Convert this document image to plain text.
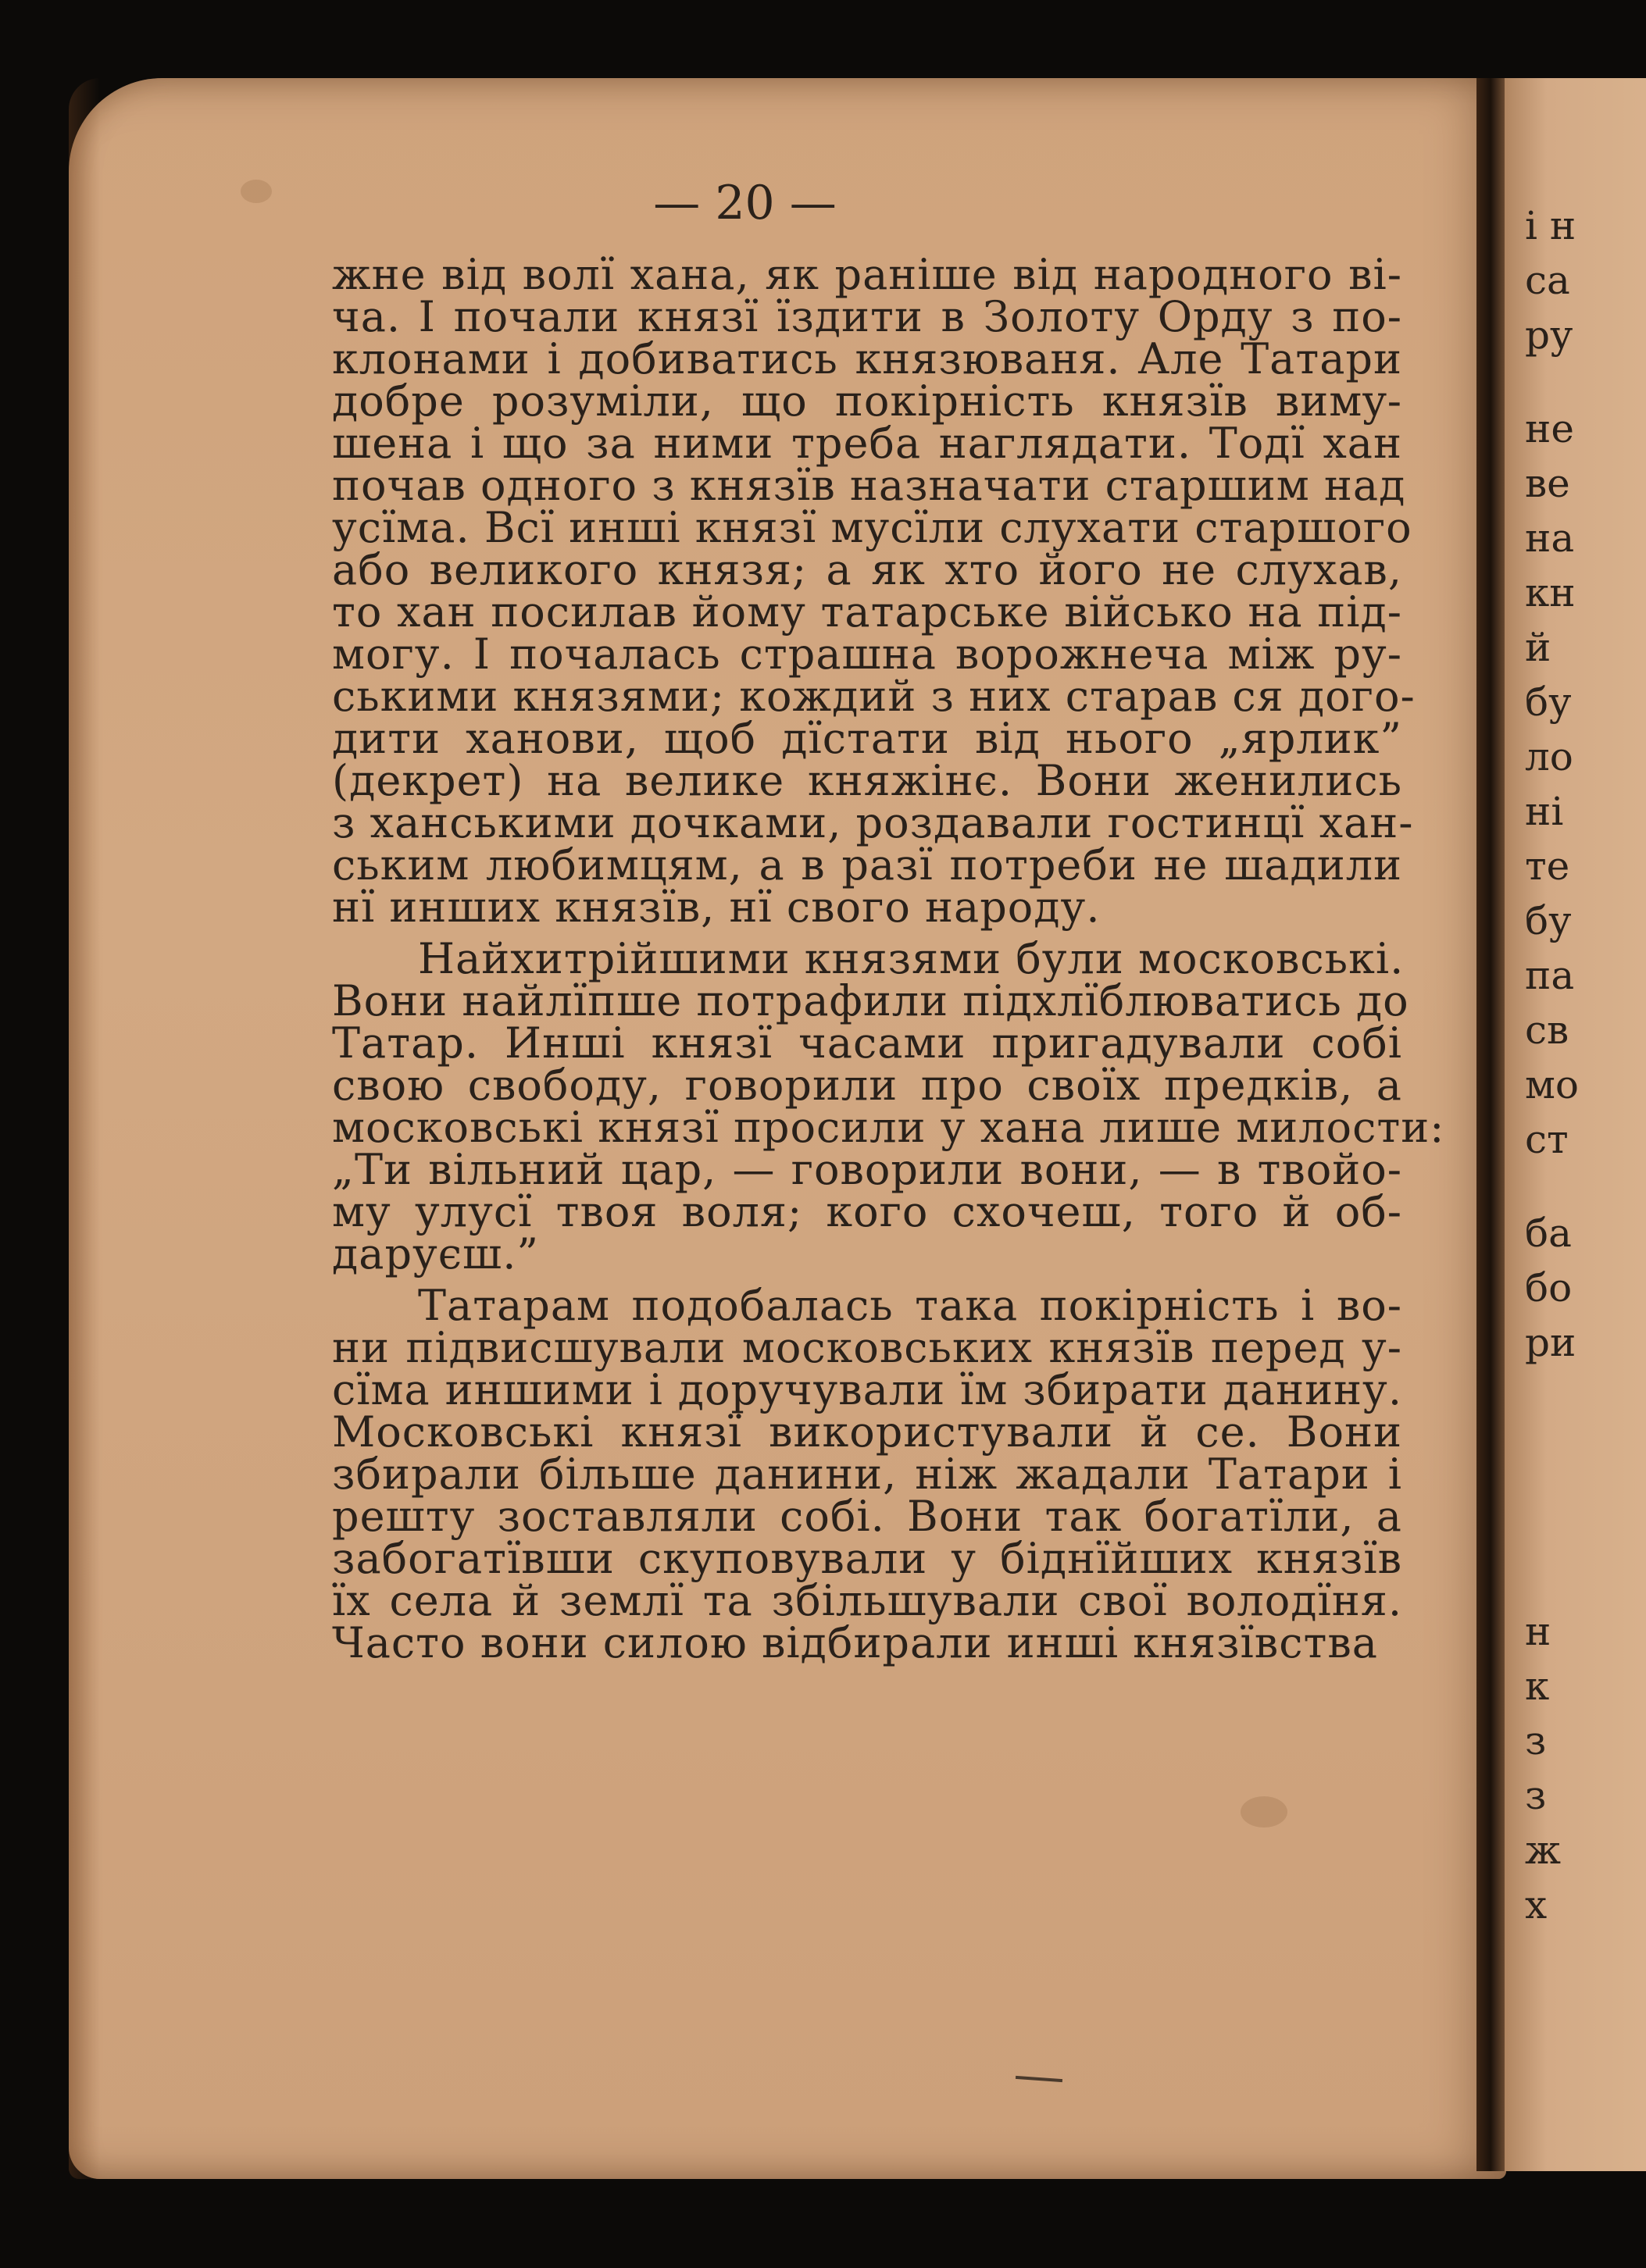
і н
са
ру
не
ве
на
кн
й
бу
ло
ні
те
бу
па
св
мо
ст
ба
бо
ри
н
к
з
з
ж
х
— 20 —
жне від волї хана, як раніше від народного ві-
ча. І почали князї їздити в Золоту Орду з по-
клонами і добиватись князюваня. Але Татари
добре розуміли, що покірність князїв вимy-
шена і що за ними треба наглядати. Тодї хан
почав одного з князїв назначати старшим над
усїма. Всї инші князї мусїли слухати старшого
або великого князя; а як хто його не слухав,
то хан посилав йому татарське військо на під-
могу. І почалась страшна ворожнеча між ру-
ськими князями; кождий з них старав ся дого-
дити ханови, щоб дїстати від нього „ярлик”
(декрет) на велике княжінє. Вони женились
з ханськими дочками, роздавали гостинцї хан-
ським любимцям, а в разї потреби не шадили
нї инших князїв, нї свого народу.
Найхитрійшими князями були московські.
Вони найлїпше потрафили підхлїблюватись до
Татар. Инші князї часами пригадували собі
свою свободу, говорили про своїх предків, а
московські князї просили у хана лише милости:
„Ти вільний цар, — говорили вони, — в твойо-
му улусї твоя воля; кого схочеш, того й об-
даруєш.”
Татарам подобалась така покірність і во-
ни підвисшували московських князїв перед у-
сїма иншими і доручували їм збирати данину.
Московські князї використували й се. Вони
збирали більше данини, ніж жадали Татари і
решту зоставляли собі. Вони так богатїли, а
забогатївши скуповували у біднїйших князїв
їх села й землї та збільшували свої володїня.
Часто вони силою відбирали инші князївства
